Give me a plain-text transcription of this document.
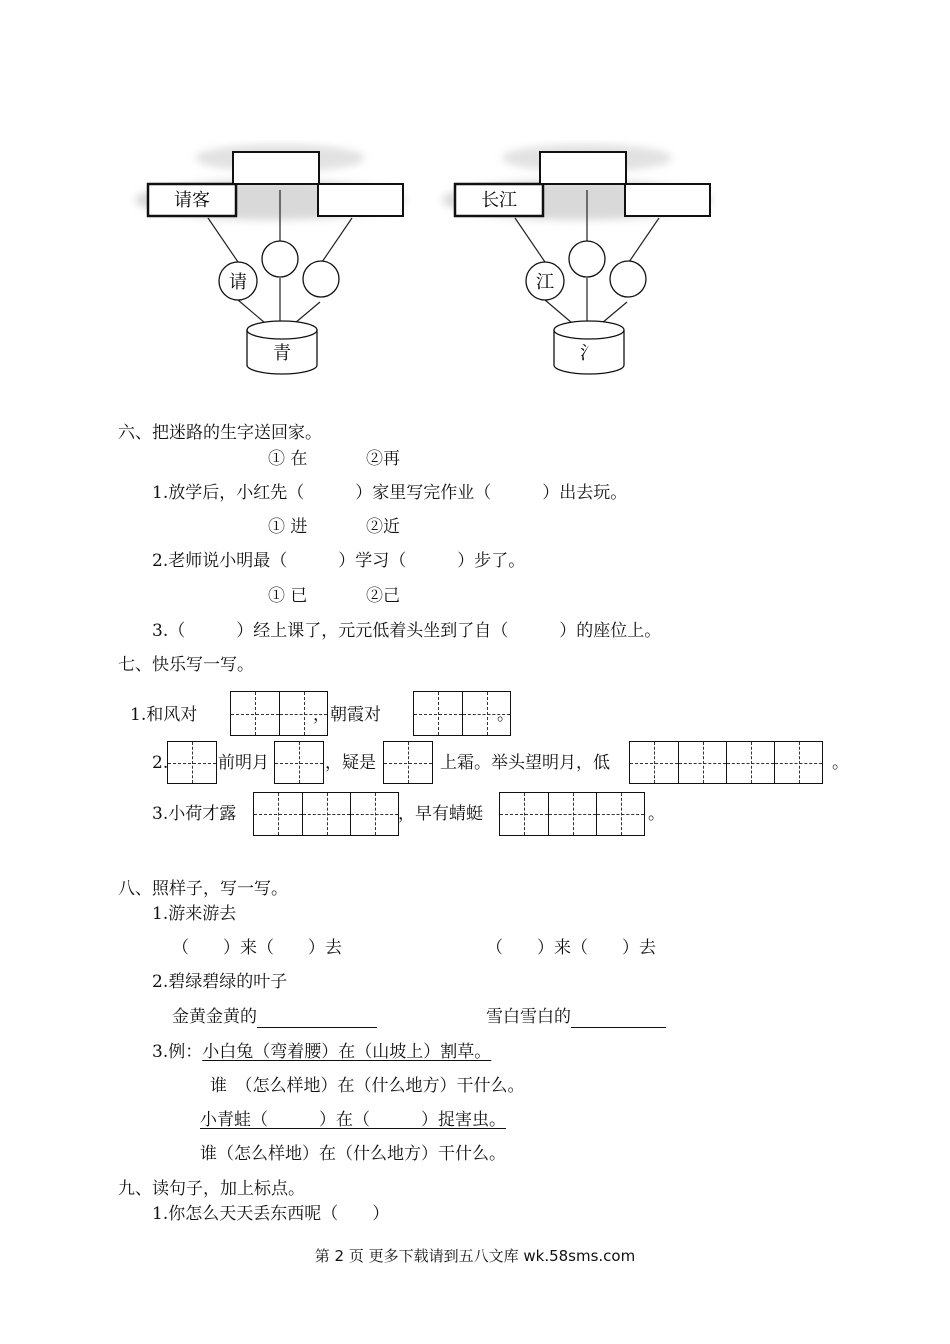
请客
请
青
长江
江
氵
六、把迷路的生字送回家。
① 在	②再
1.放学后，小红先（　　　）家里写完作业（　　　）出去玩。
① 进	②近
2.老师说小明最（　　　）学习（　　　）步了。
① 已	②己
3.（　　　）经上课了，元元低着头坐到了自（　　　）的座位上。
七、快乐写一写。
1.和风对	，朝霞对	。
2.	前明月	，疑是	上霜。举头望明月，低	。
3.小荷才露	，早有蜻蜓	。
八、照样子，写一写。
1.游来游去
（　　）来（　　）去	（　　）来（　　）去
2.碧绿碧绿的叶子
金黄金黄的	雪白雪白的
3.例：小白兔（弯着腰）在（山坡上）割草。
谁　（怎么样地）在（什么地方）干什么。
小青蛙（　　　）在（　　　）捉害虫。
谁（怎么样地）在（什么地方）干什么。
九、读句子，加上标点。
1.你怎么天天丢东西呢（　　）
第 2 页 更多下载请到五八文库 wk.58sms.com
